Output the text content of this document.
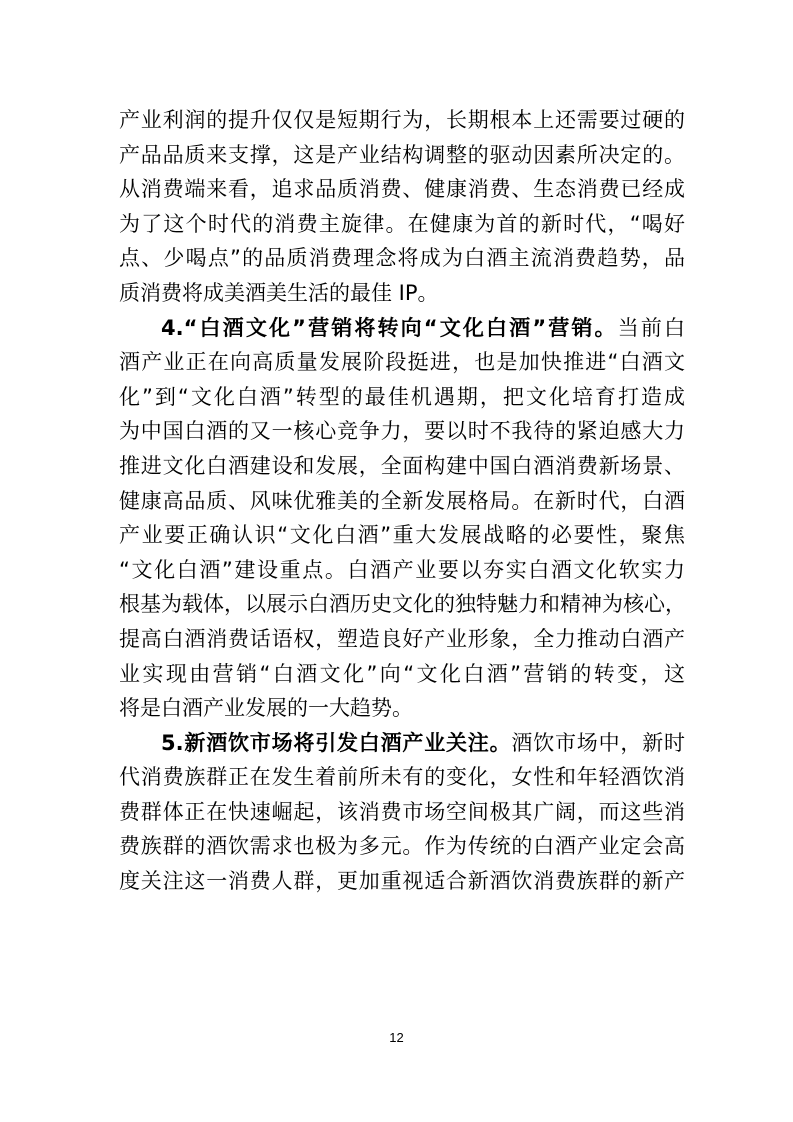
产业利润的提升仅仅是短期行为，长期根本上还需要过硬的
产品品质来支撑，这是产业结构调整的驱动因素所决定的。
从消费端来看，追求品质消费、健康消费、生态消费已经成
为了这个时代的消费主旋律。在健康为首的新时代，“喝好
点、少喝点”的品质消费理念将成为白酒主流消费趋势，品
质消费将成美酒美生活的最佳 IP。
4.“白酒文化”营销将转向“文化白酒”营销。当前白
酒产业正在向高质量发展阶段挺进，也是加快推进“白酒文
化”到“文化白酒”转型的最佳机遇期，把文化培育打造成
为中国白酒的又一核心竞争力，要以时不我待的紧迫感大力
推进文化白酒建设和发展，全面构建中国白酒消费新场景、
健康高品质、风味优雅美的全新发展格局。在新时代，白酒
产业要正确认识“文化白酒”重大发展战略的必要性，聚焦
“文化白酒”建设重点。白酒产业要以夯实白酒文化软实力
根基为载体，以展示白酒历史文化的独特魅力和精神为核心，
提高白酒消费话语权，塑造良好产业形象，全力推动白酒产
业实现由营销“白酒文化”向“文化白酒”营销的转变，这
将是白酒产业发展的一大趋势。
5.新酒饮市场将引发白酒产业关注。酒饮市场中，新时
代消费族群正在发生着前所未有的变化，女性和年轻酒饮消
费群体正在快速崛起，该消费市场空间极其广阔，而这些消
费族群的酒饮需求也极为多元。作为传统的白酒产业定会高
度关注这一消费人群，更加重视适合新酒饮消费族群的新产
12
